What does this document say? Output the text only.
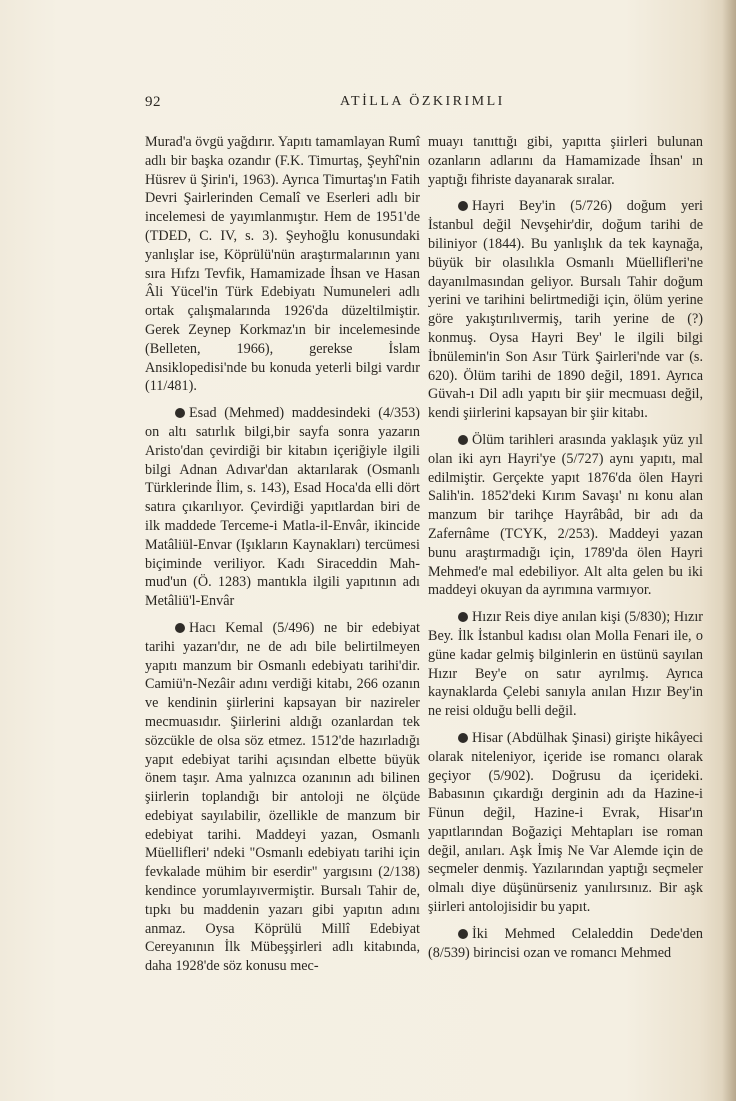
92	ATİLLA ÖZKIRIMLI

Murad'a övgü yağdırır. Yapıtı tamamlayan Rumî adlı bir başka ozandır (F.K. Timurtaş, Şeyhî'nin Hüsrev ü Şirin'i, 1963). Ayrıca Timurtaş'ın Fatih Devri Şairlerinden Cemalî ve Eserleri adlı bir incelemesi de yayımlanmıştır. Hem de 1951'de (TDED, C. IV, s. 3). Şeyhoğlu konusundaki yanlışlar ise, Köprülü'nün araştırmalarının yanı sıra Hıfzı Tevfik, Hamamizade İhsan ve Hasan Âli Yücel'in Türk Edebiyatı Numuneleri adlı ortak çalışmalarında 1926'da düzeltilmiştir. Gerek Zeynep Korkmaz'ın bir incelemesinde (Belleten, 1966), gerekse İslam Ansiklopedisi'nde bu konuda yeterli bilgi vardır (11/481).

Esad (Mehmed) maddesindeki (4/353) on altı satırlık bilgi,bir sayfa sonra yazarın Aristo'dan çevirdiği bir kitabın içeriğiyle ilgili bilgi Adnan Adıvar'dan aktarılarak (Osmanlı Türklerinde İlim, s. 143), Esad Hoca'da elli dört satıra çıkarılıyor. Çevirdiği yapıtlardan biri de ilk maddede Terceme-i Matla-il-Envâr, ikincide Matâliül-Envar (Işıkların Kaynakları) tercümesi biçiminde veriliyor. Kadı Siraceddin Mahmud'un (Ö. 1283) mantıkla ilgili yapıtının adı Metâliü'l-Envâr

Hacı Kemal (5/496) ne bir edebiyat tarihi yazarı'dır, ne de adı bile belirtilmeyen yapıtı manzum bir Osmanlı edebiyatı tarihi'dir. Camiü'n-Nezâir adını verdiği kitabı, 266 ozanın ve kendinin şiirlerini kapsayan bir nazireler mecmuasıdır. Şiirlerini aldığı ozanlardan tek sözcükle de olsa söz etmez. 1512'de hazırladığı yapıt edebiyat tarihi açısından elbette büyük önem taşır. Ama yalnızca ozanının adı bilinen şiirlerin toplandığı bir antoloji ne ölçüde edebiyat sayılabilir, özellikle de manzum bir edebiyat tarihi. Maddeyi yazan, Osmanlı Müellifleri' ndeki "Osmanlı edebiyatı tarihi için fevkalade mühim bir eserdir" yargısını (2/138) kendince yorumlayıvermiştir. Bursalı Tahir de, tıpkı bu maddenin yazarı gibi yapıtın adını anmaz. Oysa Köprülü Millî Edebiyat Cereyanının İlk Mübeşşirleri adlı kitabında, daha 1928'de söz konusu mec-

muayı tanıttığı gibi, yapıtta şiirleri bulunan ozanların adlarını da Hamamizade İhsan' ın yaptığı fihriste dayanarak sıralar.

Hayri Bey'in (5/726) doğum yeri İstanbul değil Nevşehir'dir, doğum tarihi de biliniyor (1844). Bu yanlışlık da tek kaynağa, büyük bir olasılıkla Osmanlı Müellifleri'ne dayanılmasından geliyor. Bursalı Tahir doğum yerini ve tarihini belirtmediği için, ölüm yerine göre yakıştırılıvermiş, tarih yerine de (?) konmuş. Oysa Hayri Bey' le ilgili bilgi İbnülemin'in Son Asır Türk Şairleri'nde var (s. 620). Ölüm tarihi de 1890 değil, 1891. Ayrıca Güvah-ı Dil adlı yapıtı bir şiir mecmuası değil, kendi şiirlerini kapsayan bir şiir kitabı.

Ölüm tarihleri arasında yaklaşık yüz yıl olan iki ayrı Hayri'ye (5/727) aynı yapıtı, mal edilmiştir. Gerçekte yapıt 1876'da ölen Hayri Salih'in. 1852'deki Kırım Savaşı' nı konu alan manzum bir tarihçe Hayrâbâd, bir adı da Zafernâme (TCYK, 2/253). Maddeyi yazan bunu araştırmadığı için, 1789'da ölen Hayri Mehmed'e mal edebiliyor. Alt alta gelen bu iki maddeyi okuyan da ayrımına varmıyor.

Hızır Reis diye anılan kişi (5/830); Hızır Bey. İlk İstanbul kadısı olan Molla Fenari ile, o güne kadar gelmiş bilginlerin en üstünü sayılan Hızır Bey'e on satır ayrılmış. Ayrıca kaynaklarda Çelebi sanıyla anılan Hızır Bey'in ne reisi olduğu belli değil.

Hisar (Abdülhak Şinasi) girişte hikâyeci olarak niteleniyor, içeride ise romancı olarak geçiyor (5/902). Doğrusu da içerideki. Babasının çıkardığı derginin adı da Hazine-i Fünun değil, Hazine-i Evrak, Hisar'ın yapıtlarından Boğaziçi Mehtapları ise roman değil, anıları. Aşk İmiş Ne Var Alemde için de seçmeler denmiş. Yazılarından yaptığı seçmeler olmalı diye düşünürseniz yanılırsınız. Bir aşk şiirleri antolojisidir bu yapıt.

İki Mehmed Celaleddin Dede'den (8/539) birincisi ozan ve romancı Mehmed
